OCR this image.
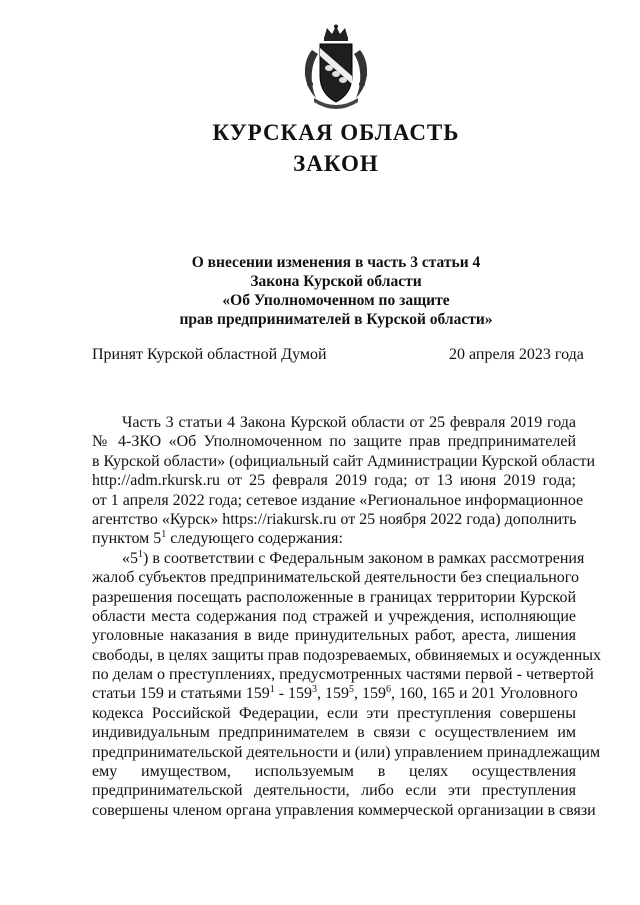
КУРСКАЯ ОБЛАСТЬ
ЗАКОН
О внесении изменения в часть 3 статьи 4
Закона Курской области
«Об Уполномоченном по защите
прав предпринимателей в Курской области»
Принят Курской областной Думой	20 апреля 2023 года
Часть 3 статьи 4 Закона Курской области от 25 февраля 2019 года
№ 4-ЗКО «Об Уполномоченном по защите прав предпринимателей
в Курской области» (официальный сайт Администрации Курской области
http://adm.rkursk.ru от 25 февраля 2019 года; от 13 июня 2019 года;
от 1 апреля 2022 года; сетевое издание «Региональное информационное
агентство «Курск» https://riakursk.ru от 25 ноября 2022 года) дополнить
пунктом $5^1$ следующего содержания:
«$5^1$) в соответствии с Федеральным законом в рамках рассмотрения
жалоб субъектов предпринимательской деятельности без специального
разрешения посещать расположенные в границах территории Курской
области места содержания под стражей и учреждения, исполняющие
уголовные наказания в виде принудительных работ, ареста, лишения
свободы, в целях защиты прав подозреваемых, обвиняемых и осужденных
по делам о преступлениях, предусмотренных частями первой - четвертой
статьи 159 и статьями $159^1 - 159^3$, $159^5$, $159^6$, 160, 165 и 201 Уголовного
кодекса Российской Федерации, если эти преступления совершены
индивидуальным предпринимателем в связи с осуществлением им
предпринимательской деятельности и (или) управлением принадлежащим
ему имуществом, используемым в целях осуществления
предпринимательской деятельности, либо если эти преступления
совершены членом органа управления коммерческой организации в связи
